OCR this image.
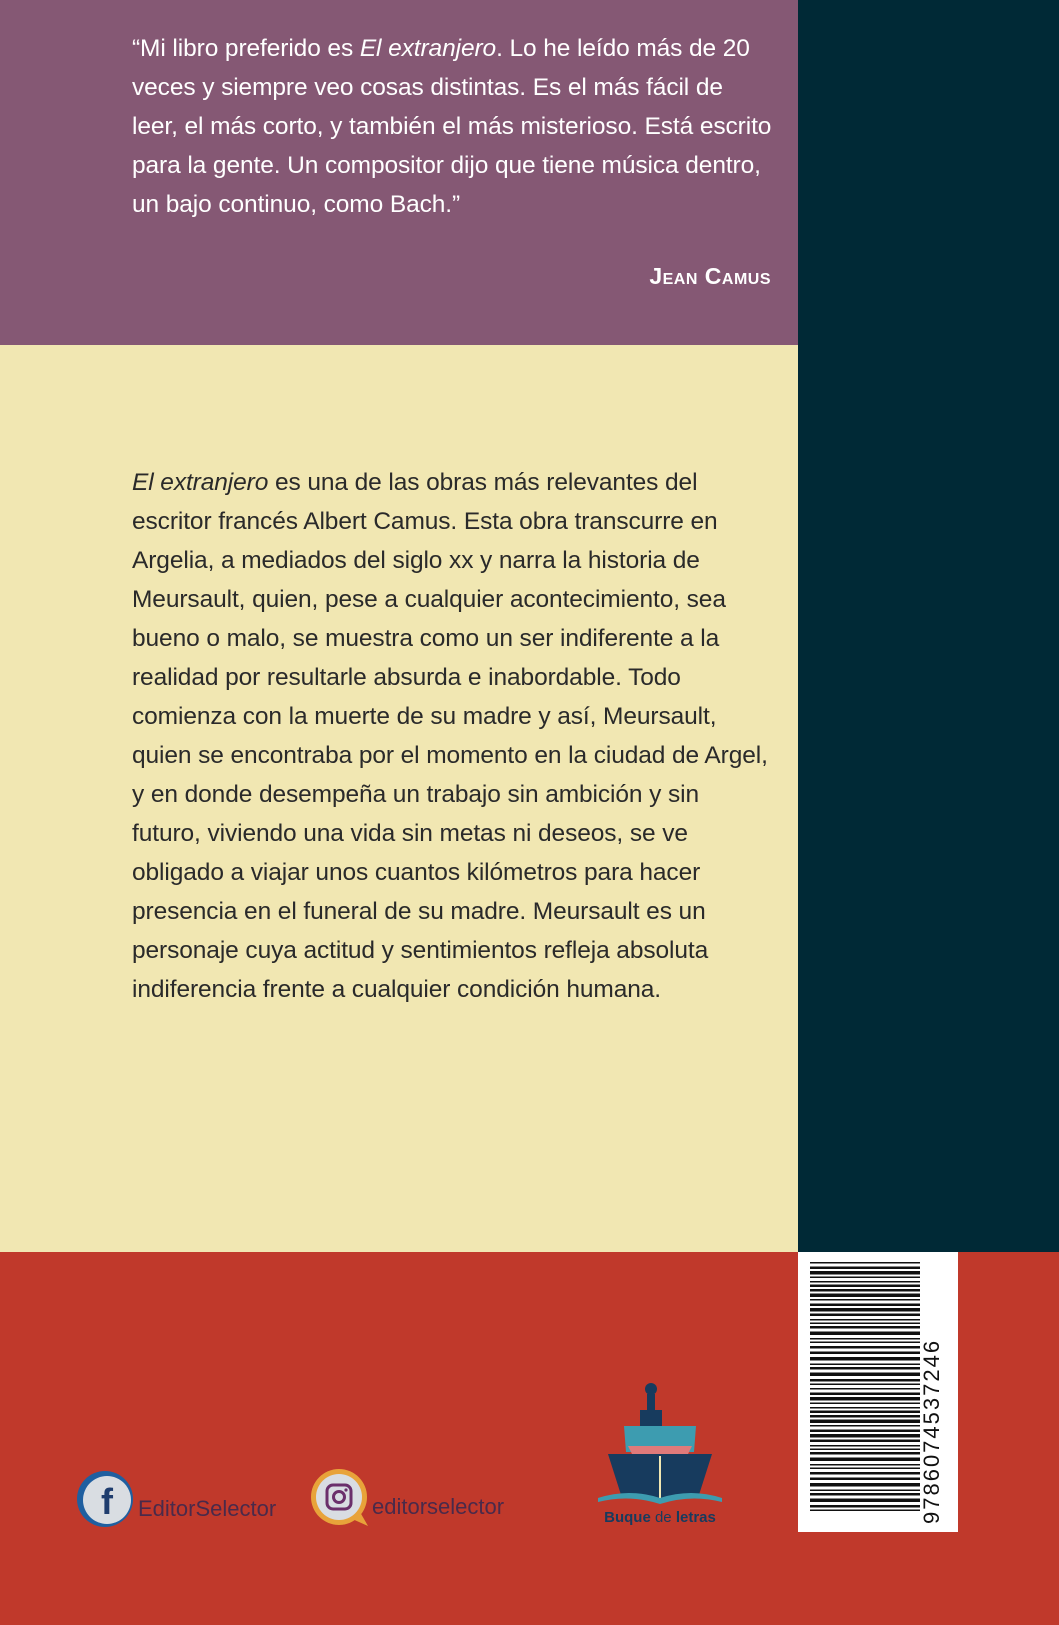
“Mi libro preferido es El extranjero. Lo he leído más de 20 veces y siempre veo cosas distintas. Es el más fácil de leer, el más corto, y también el más misterioso. Está escrito para la gente. Un compositor dijo que tiene música dentro, un bajo continuo, como Bach.”

Jean Camus

El extranjero es una de las obras más relevantes del escritor francés Albert Camus. Esta obra transcurre en Argelia, a mediados del siglo xx y narra la historia de Meursault, quien, pese a cualquier acontecimiento, sea bueno o malo, se muestra como un ser indiferente a la realidad por resultarle absurda e inabordable. Todo comienza con la muerte de su madre y así, Meursault, quien se encontraba por el momento en la ciudad de Argel, y en donde desempeña un trabajo sin ambición y sin futuro, viviendo una vida sin metas ni deseos, se ve obligado a viajar unos cuantos kilómetros para hacer presencia en el funeral de su madre. Meursault es un personaje cuya actitud y sentimientos refleja absoluta indiferencia frente a cualquier condición humana.

f EditorSelector	editorselector	Buque de letras	9786074537246
